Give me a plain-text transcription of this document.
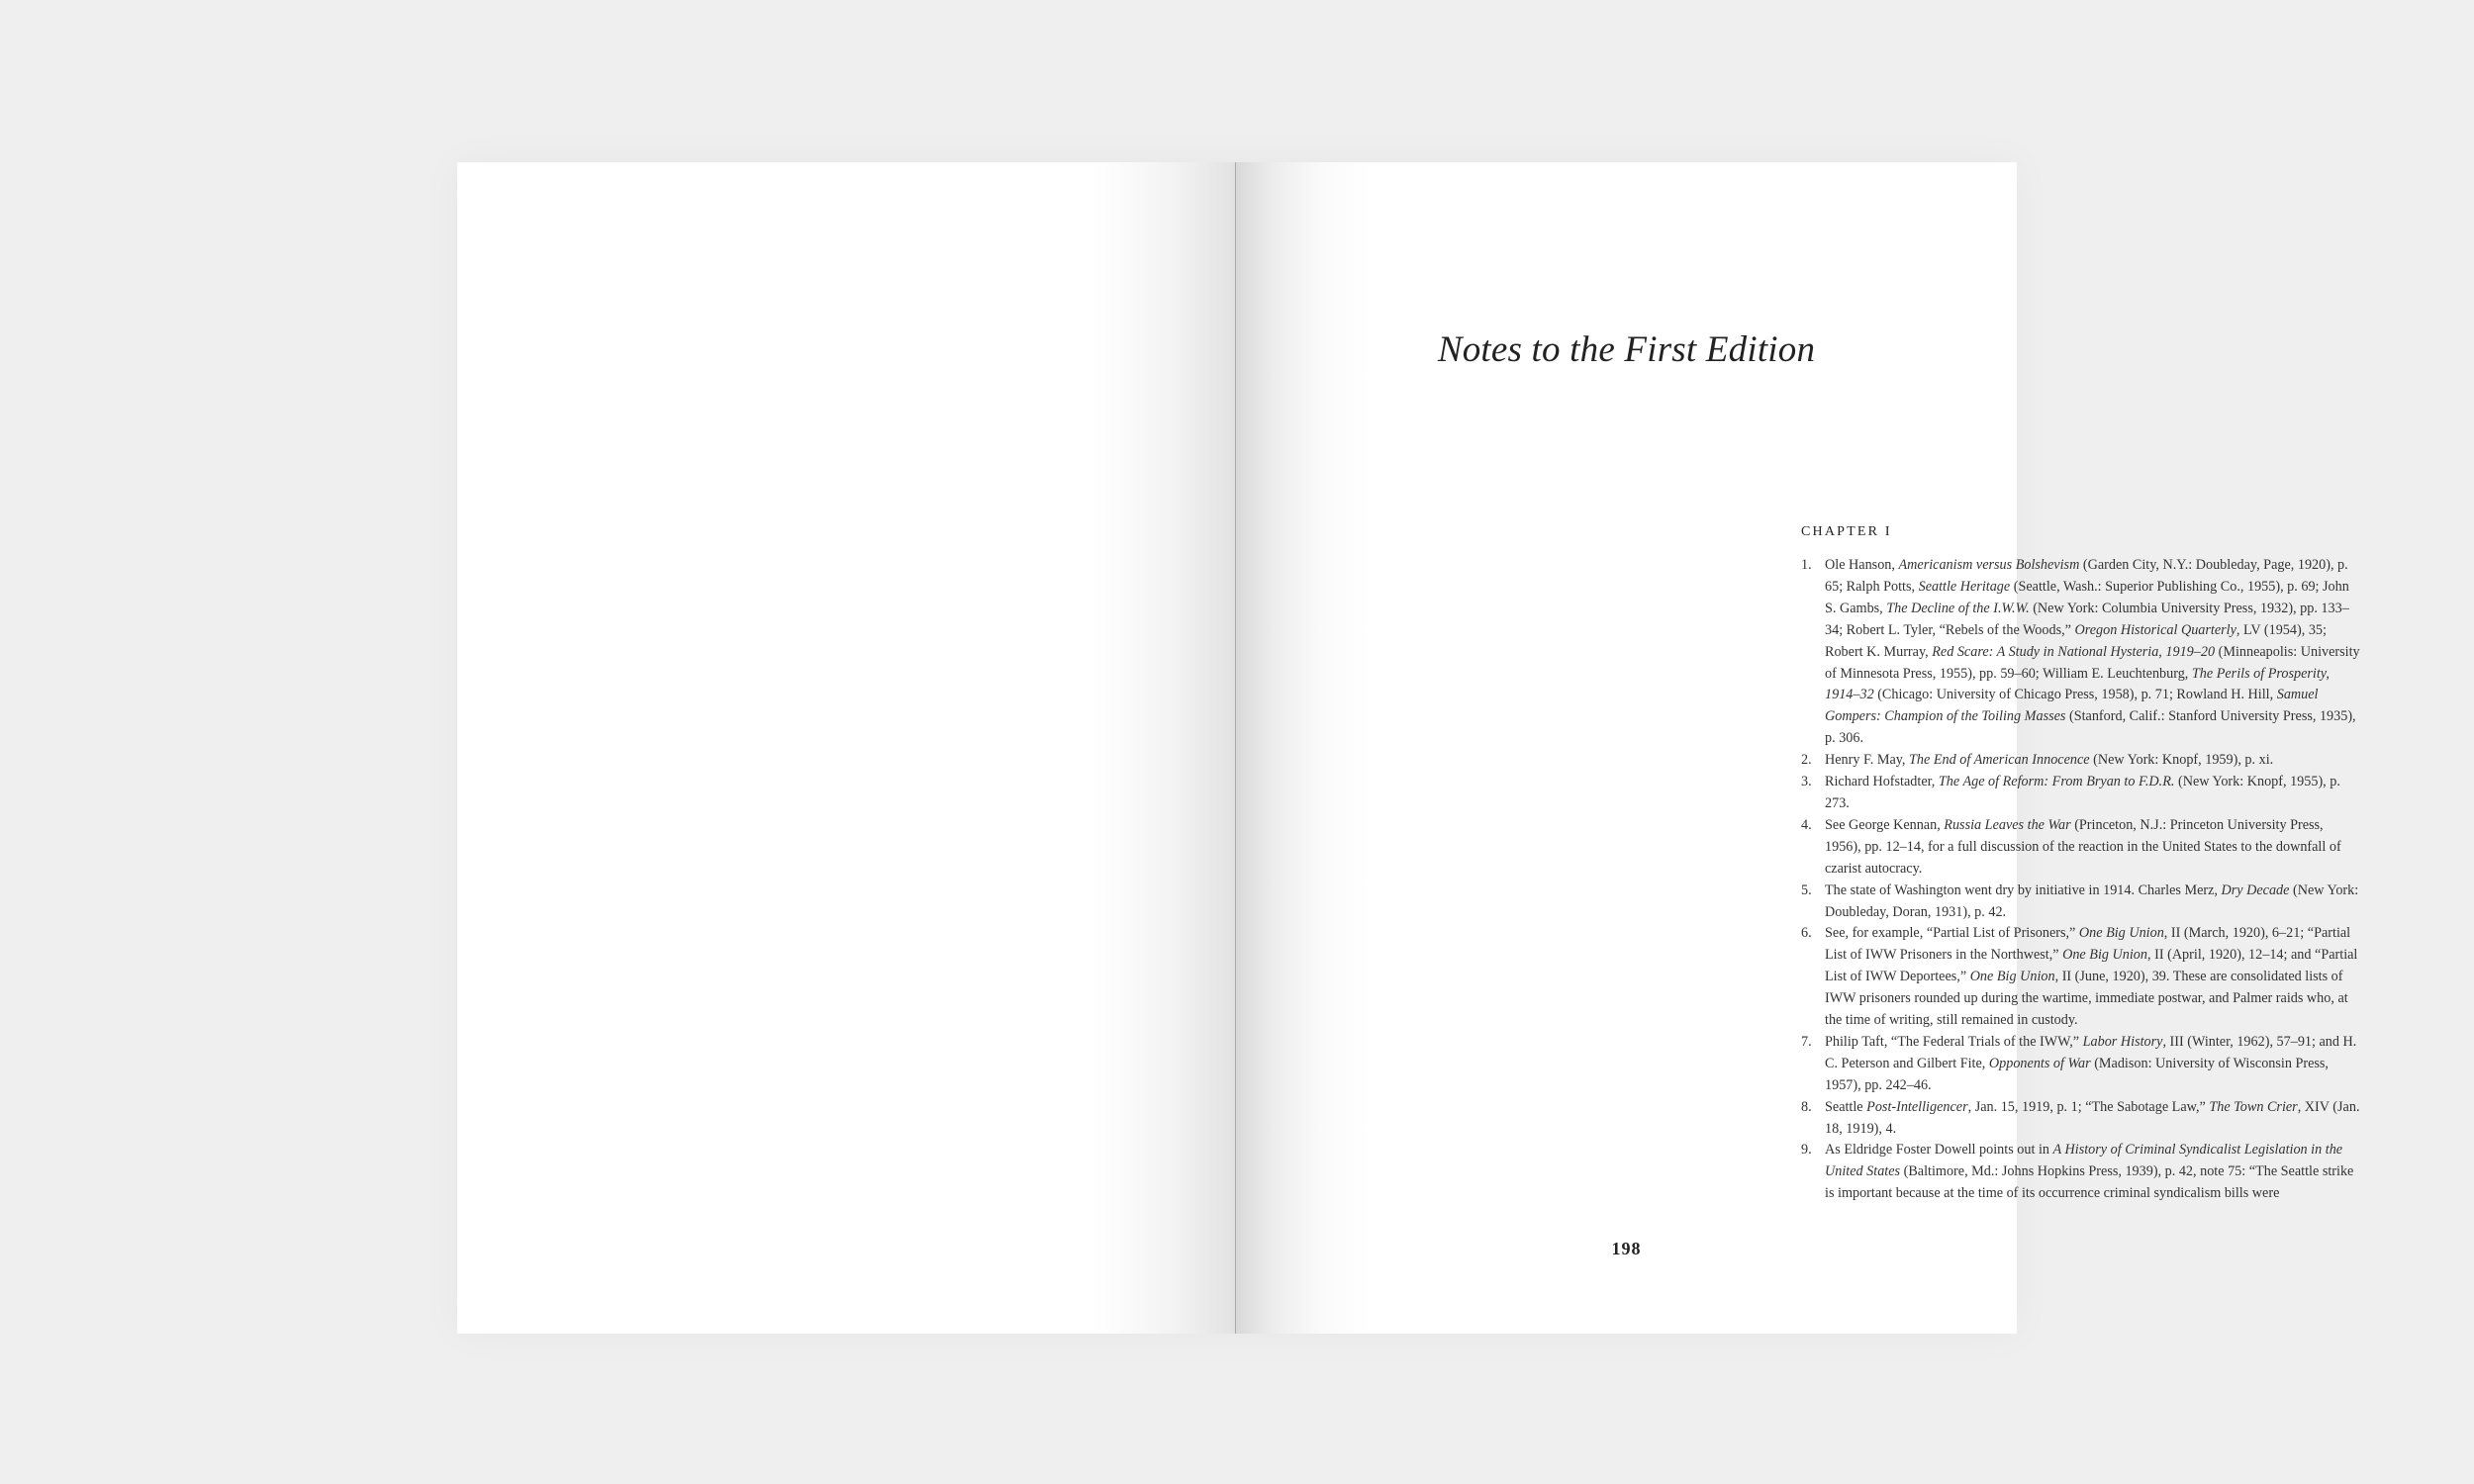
Notes to the First Edition
CHAPTER I
1. Ole Hanson, Americanism versus Bolshevism (Garden City, N.Y.: Doubleday, Page, 1920), p. 65; Ralph Potts, Seattle Heritage (Seattle, Wash.: Superior Publishing Co., 1955), p. 69; John S. Gambs, The Decline of the I.W.W. (New York: Columbia University Press, 1932), pp. 133–34; Robert L. Tyler, “Rebels of the Woods,” Oregon Historical Quarterly, LV (1954), 35; Robert K. Murray, Red Scare: A Study in National Hysteria, 1919–20 (Minneapolis: University of Minnesota Press, 1955), pp. 59–60; William E. Leuchtenburg, The Perils of Prosperity, 1914–32 (Chicago: University of Chicago Press, 1958), p. 71; Rowland H. Hill, Samuel Gompers: Champion of the Toiling Masses (Stanford, Calif.: Stanford University Press, 1935), p. 306.
2. Henry F. May, The End of American Innocence (New York: Knopf, 1959), p. xi.
3. Richard Hofstadter, The Age of Reform: From Bryan to F.D.R. (New York: Knopf, 1955), p. 273.
4. See George Kennan, Russia Leaves the War (Princeton, N.J.: Princeton University Press, 1956), pp. 12–14, for a full discussion of the reaction in the United States to the downfall of czarist autocracy.
5. The state of Washington went dry by initiative in 1914. Charles Merz, Dry Decade (New York: Doubleday, Doran, 1931), p. 42.
6. See, for example, “Partial List of Prisoners,” One Big Union, II (March, 1920), 6–21; “Partial List of IWW Prisoners in the Northwest,” One Big Union, II (April, 1920), 12–14; and “Partial List of IWW Deportees,” One Big Union, II (June, 1920), 39. These are consolidated lists of IWW prisoners rounded up during the wartime, immediate postwar, and Palmer raids who, at the time of writing, still remained in custody.
7. Philip Taft, “The Federal Trials of the IWW,” Labor History, III (Winter, 1962), 57–91; and H. C. Peterson and Gilbert Fite, Opponents of War (Madison: University of Wisconsin Press, 1957), pp. 242–46.
8. Seattle Post-Intelligencer, Jan. 15, 1919, p. 1; “The Sabotage Law,” The Town Crier, XIV (Jan. 18, 1919), 4.
9. As Eldridge Foster Dowell points out in A History of Criminal Syndicalist Legislation in the United States (Baltimore, Md.: Johns Hopkins Press, 1939), p. 42, note 75: “The Seattle strike is important because at the time of its occurrence criminal syndicalism bills were
198
